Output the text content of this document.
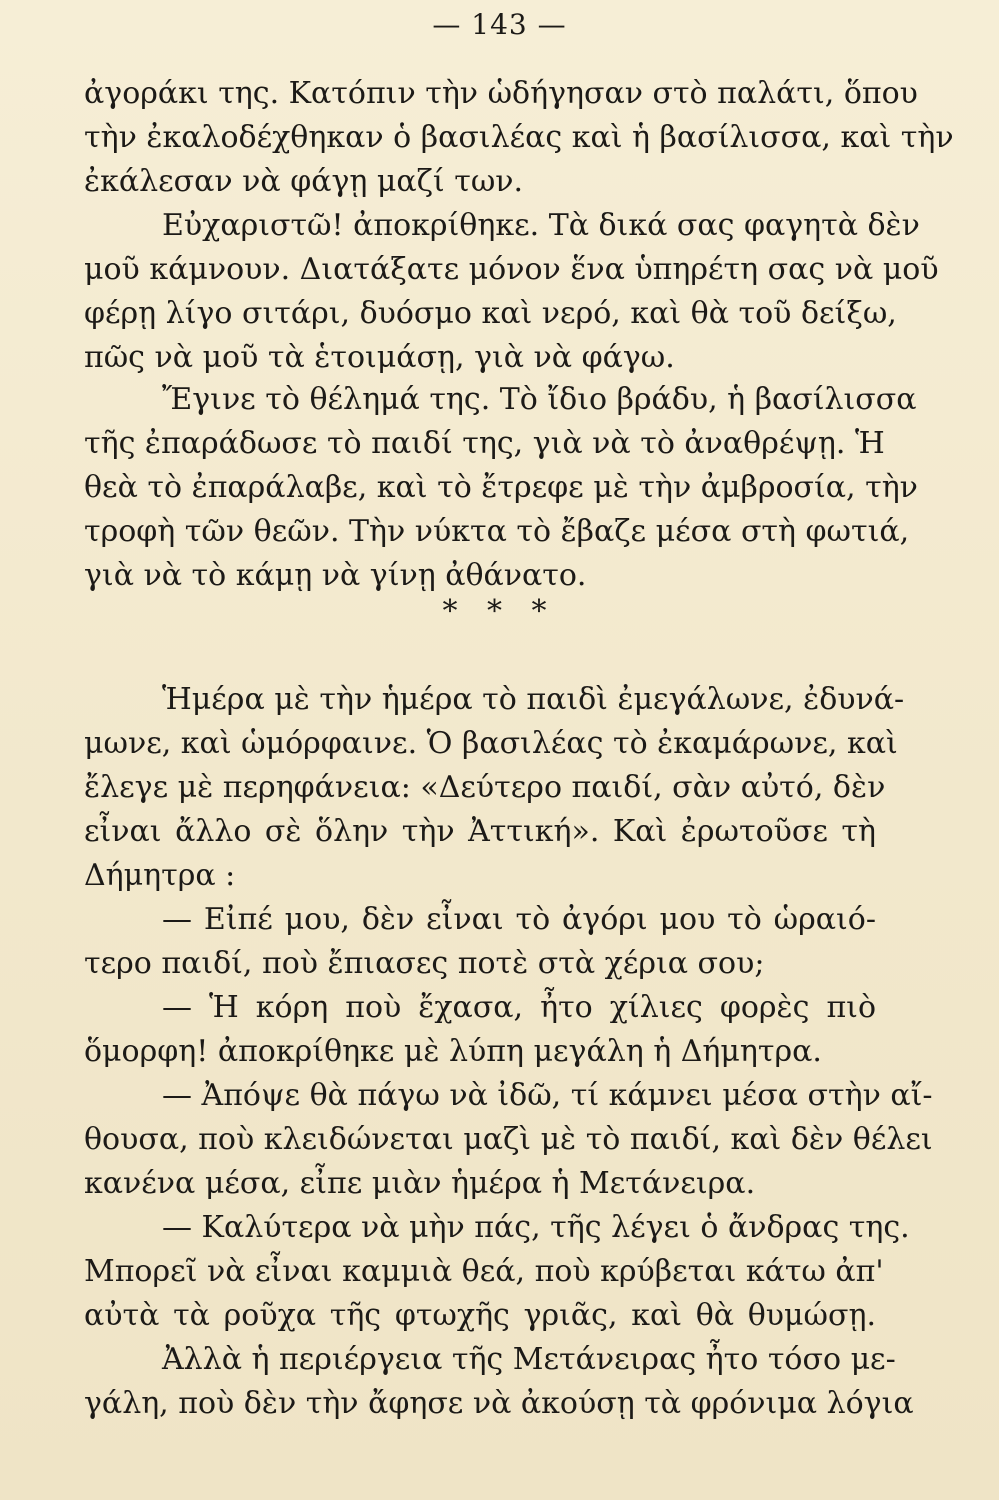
— 143 —
ἀγοράκι της. Κατόπιν τὴν ὡδήγησαν στὸ παλάτι, ὅπου
τὴν ἐκαλοδέχθηκαν ὁ βασιλέας καὶ ἡ βασίλισσα, καὶ τὴν
ἐκάλεσαν νὰ φάγῃ μαζί των.
Εὐχαριστῶ! ἀποκρίθηκε. Τὰ δικά σας φαγητὰ δὲν
μοῦ κάμνουν. Διατάξατε μόνον ἕνα ὑπηρέτη σας νὰ μοῦ
φέρῃ λίγο σιτάρι, δυόσμο καὶ νερό, καὶ θὰ τοῦ δείξω,
πῶς νὰ μοῦ τὰ ἑτοιμάσῃ, γιὰ νὰ φάγω.
Ἔγινε τὸ θέλημά της. Τὸ ἴδιο βράδυ, ἡ βασίλισσα
τῆς ἐπαράδωσε τὸ παιδί της, γιὰ νὰ τὸ ἀναθρέψῃ. Ἡ
θεὰ τὸ ἐπαράλαβε, καὶ τὸ ἔτρεφε μὲ τὴν ἀμβροσία, τὴν
τροφὴ τῶν θεῶν. Τὴν νύκτα τὸ ἔβαζε μέσα στὴ φωτιά,
γιὰ νὰ τὸ κάμῃ νὰ γίνῃ ἀθάνατο.
* * *
Ἡμέρα μὲ τὴν ἡμέρα τὸ παιδὶ ἐμεγάλωνε, ἐδυνά-
μωνε, καὶ ὡμόρφαινε. Ὁ βασιλέας τὸ ἐκαμάρωνε, καὶ
ἔλεγε μὲ περηφάνεια: «Δεύτερο παιδί, σὰν αὐτό, δὲν
εἶναι ἄλλο σὲ ὅλην τὴν Ἀττική». Καὶ ἐρωτοῦσε τὴ
Δήμητρα :
— Εἰπέ μου, δὲν εἶναι τὸ ἀγόρι μου τὸ ὡραιό-
τερο παιδί, ποὺ ἔπιασες ποτὲ στὰ χέρια σου;
— Ἡ κόρη ποὺ ἔχασα, ἦτο χίλιες φορὲς πιὸ
ὅμορφη! ἀποκρίθηκε μὲ λύπη μεγάλη ἡ Δήμητρα.
— Ἀπόψε θὰ πάγω νὰ ἰδῶ, τί κάμνει μέσα στὴν αἴ-
θουσα, ποὺ κλειδώνεται μαζὶ μὲ τὸ παιδί, καὶ δὲν θέλει
κανένα μέσα, εἶπε μιὰν ἡμέρα ἡ Μετάνειρα.
— Καλύτερα νὰ μὴν πάς, τῆς λέγει ὁ ἄνδρας της.
Μπορεῖ νὰ εἶναι καμμιὰ θεά, ποὺ κρύβεται κάτω ἀπ'
αὐτὰ τὰ ροῦχα τῆς φτωχῆς γριᾶς, καὶ θὰ θυμώσῃ.
Ἀλλὰ ἡ περιέργεια τῆς Μετάνειρας ἦτο τόσο με-
γάλη, ποὺ δὲν τὴν ἄφησε νὰ ἀκούσῃ τὰ φρόνιμα λόγια
